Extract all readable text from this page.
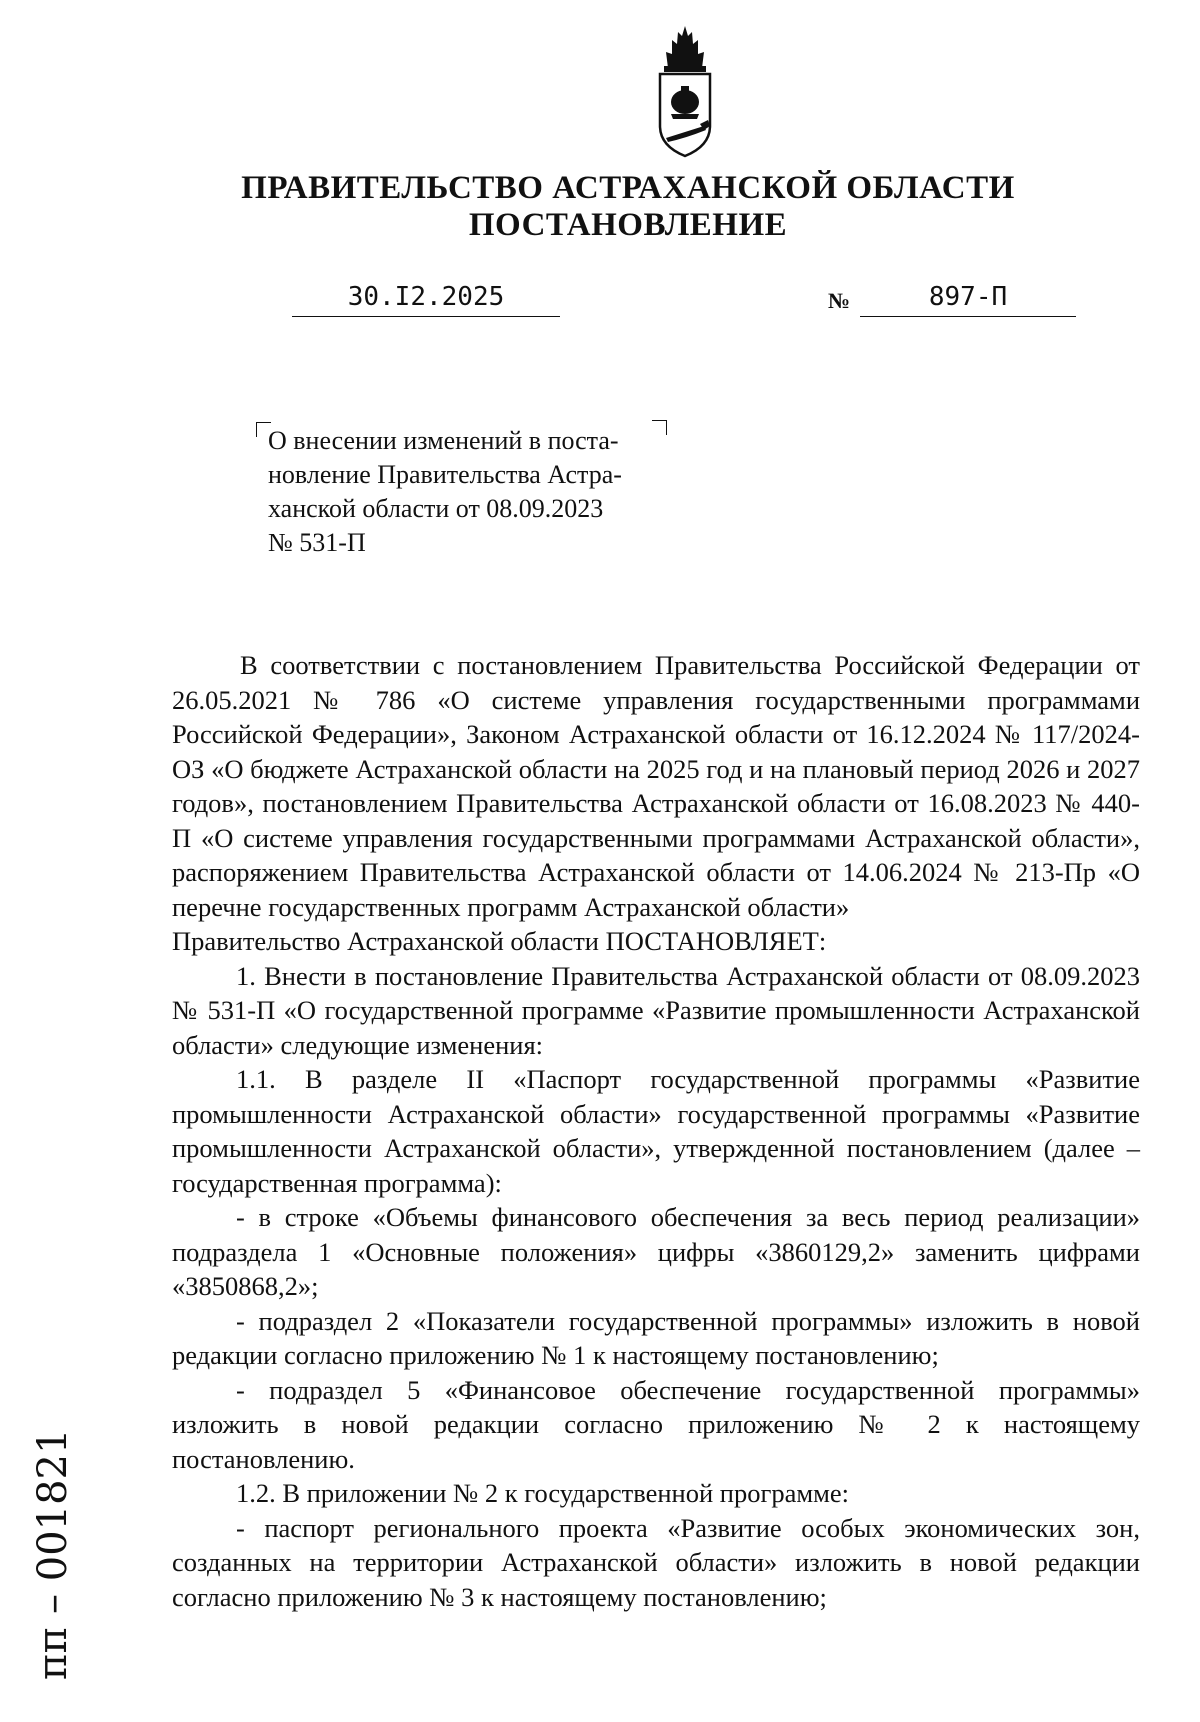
ПРАВИТЕЛЬСТВО АСТРАХАНСКОЙ ОБЛАСТИ
ПОСТАНОВЛЕНИЕ
30.I2.2025	№	897-П
О внесении изменений в поста-
новление Правительства Астра-
ханской области от 08.09.2023
№ 531-П

В соответствии с постановлением Правительства Российской Федерации от 26.05.2021 № 786 «О системе управления государственными программами Российской Федерации», Законом Астраханской области от 16.12.2024 № 117/2024-ОЗ «О бюджете Астраханской области на 2025 год и на плановый период 2026 и 2027 годов», постановлением Правительства Астраханской области от 16.08.2023 № 440-П «О системе управления государственными программами Астраханской области», распоряжением Правительства Астраханской области от 14.06.2024 № 213-Пр «О перечне государственных программ Астраханской области»

Правительство Астраханской области ПОСТАНОВЛЯЕТ:

1. Внести в постановление Правительства Астраханской области от 08.09.2023 № 531-П «О государственной программе «Развитие промышленности Астраханской области» следующие изменения:

1.1. В разделе II «Паспорт государственной программы «Развитие промышленности Астраханской области» государственной программы «Развитие промышленности Астраханской области», утвержденной постановлением (далее – государственная программа):

- в строке «Объемы финансового обеспечения за весь период реализации» подраздела 1 «Основные положения» цифры «3860129,2» заменить цифрами «3850868,2»;

- подраздел 2 «Показатели государственной программы» изложить в новой редакции согласно приложению № 1 к настоящему постановлению;

- подраздел 5 «Финансовое обеспечение государственной программы» изложить в новой редакции согласно приложению № 2 к настоящему постановлению.

1.2. В приложении № 2 к государственной программе:

- паспорт регионального проекта «Развитие особых экономических зон, созданных на территории Астраханской области» изложить в новой редакции согласно приложению № 3 к настоящему постановлению;

пп – 001821
